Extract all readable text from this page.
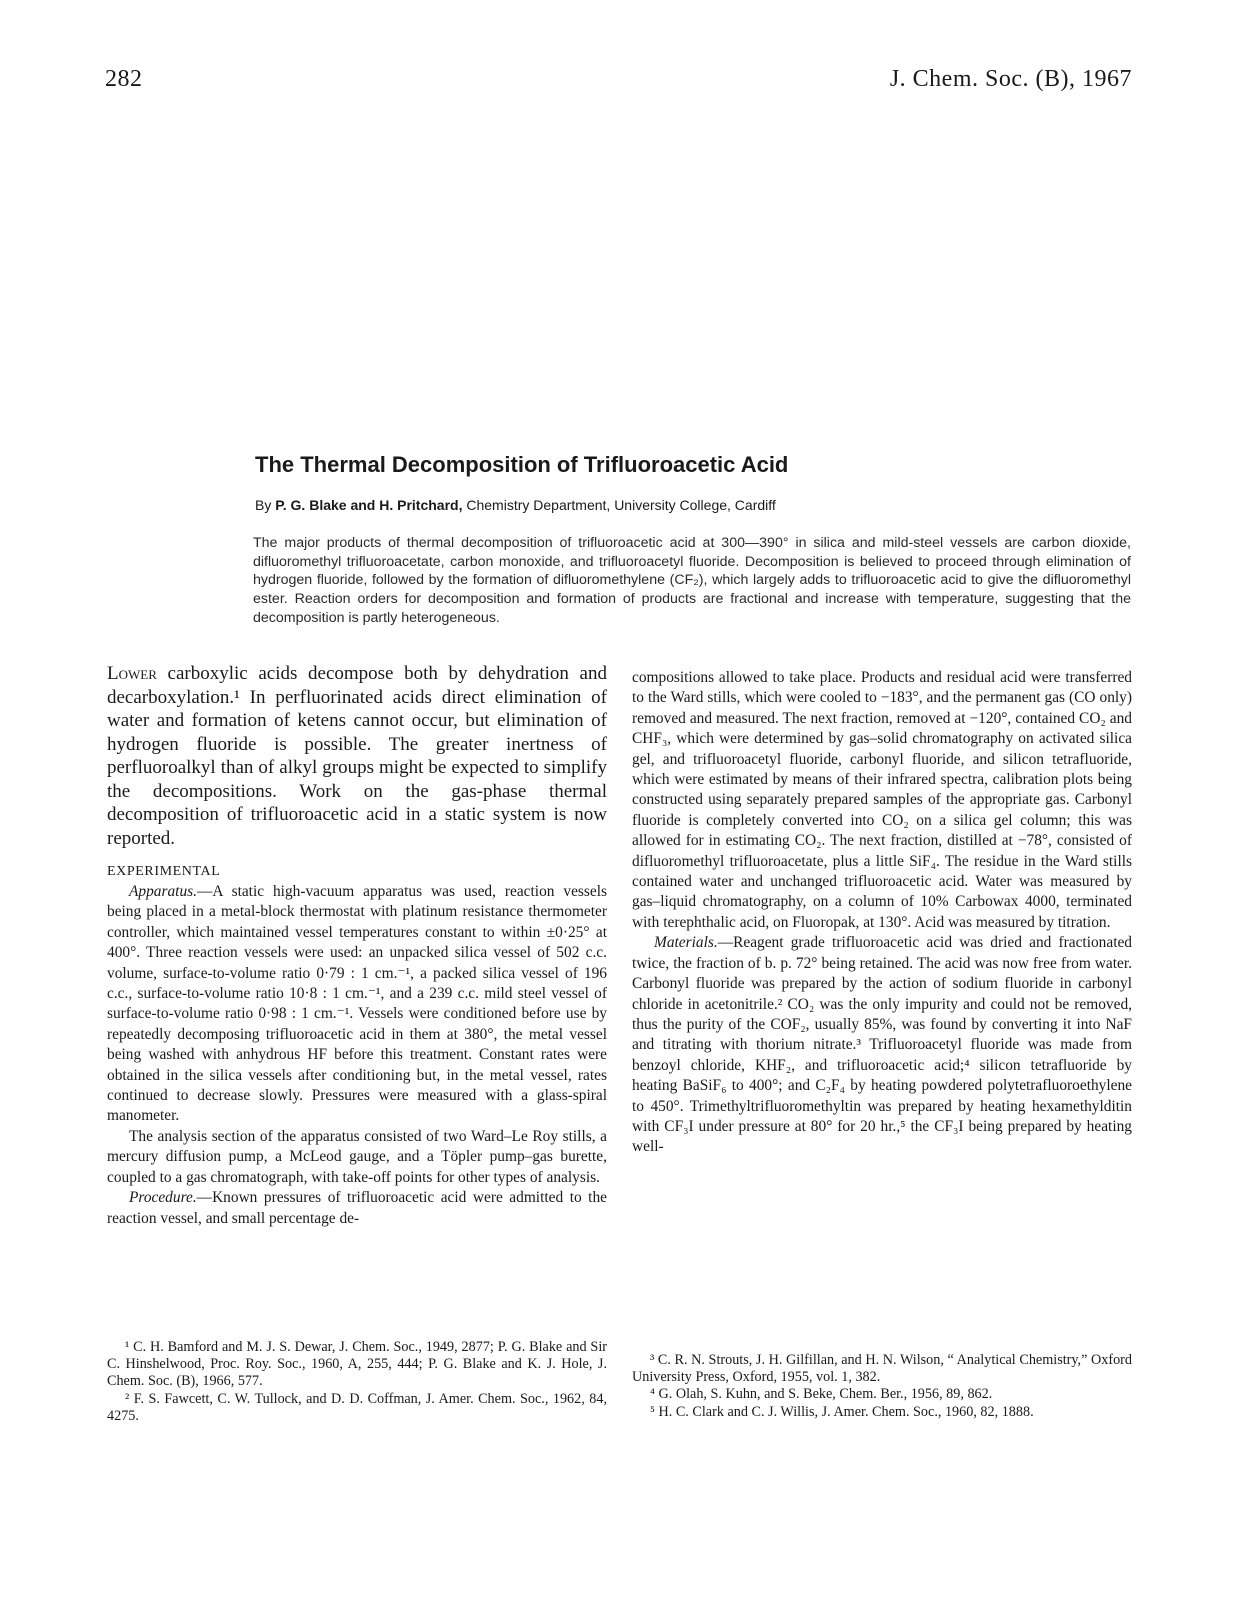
282	J. Chem. Soc. (B), 1967
The Thermal Decomposition of Trifluoroacetic Acid
By P. G. Blake and H. Pritchard, Chemistry Department, University College, Cardiff
The major products of thermal decomposition of trifluoroacetic acid at 300—390° in silica and mild-steel vessels are carbon dioxide, difluoromethyl trifluoroacetate, carbon monoxide, and trifluoroacetyl fluoride. Decomposition is believed to proceed through elimination of hydrogen fluoride, followed by the formation of difluoromethylene (CF₂), which largely adds to trifluoroacetic acid to give the difluoromethyl ester. Reaction orders for decomposition and formation of products are fractional and increase with temperature, suggesting that the decomposition is partly heterogeneous.

Lower carboxylic acids decompose both by dehydration and decarboxylation.¹ In perfluorinated acids direct elimination of water and formation of ketens cannot occur, but elimination of hydrogen fluoride is possible. The greater inertness of perfluoroalkyl than of alkyl groups might be expected to simplify the decompositions. Work on the gas-phase thermal decomposition of trifluoroacetic acid in a static system is now reported.

EXPERIMENTAL

Apparatus.—A static high-vacuum apparatus was used, reaction vessels being placed in a metal-block thermostat with platinum resistance thermometer controller, which maintained vessel temperatures constant to within ±0·25° at 400°. Three reaction vessels were used: an unpacked silica vessel of 502 c.c. volume, surface-to-volume ratio 0·79 : 1 cm.⁻¹, a packed silica vessel of 196 c.c., surface-to-volume ratio 10·8 : 1 cm.⁻¹, and a 239 c.c. mild steel vessel of surface-to-volume ratio 0·98 : 1 cm.⁻¹. Vessels were conditioned before use by repeatedly decomposing trifluoroacetic acid in them at 380°, the metal vessel being washed with anhydrous HF before this treatment. Constant rates were obtained in the silica vessels after conditioning but, in the metal vessel, rates continued to decrease slowly. Pressures were measured with a glass-spiral manometer.

The analysis section of the apparatus consisted of two Ward–Le Roy stills, a mercury diffusion pump, a McLeod gauge, and a Töpler pump–gas burette, coupled to a gas chromatograph, with take-off points for other types of analysis.

Procedure.—Known pressures of trifluoroacetic acid were admitted to the reaction vessel, and small percentage de-

compositions allowed to take place. Products and residual acid were transferred to the Ward stills, which were cooled to −183°, and the permanent gas (CO only) removed and measured. The next fraction, removed at −120°, contained CO₂ and CHF₃, which were determined by gas–solid chromatography on activated silica gel, and trifluoroacetyl fluoride, carbonyl fluoride, and silicon tetrafluoride, which were estimated by means of their infrared spectra, calibration plots being constructed using separately prepared samples of the appropriate gas. Carbonyl fluoride is completely converted into CO₂ on a silica gel column; this was allowed for in estimating CO₂. The next fraction, distilled at −78°, consisted of difluoromethyl trifluoroacetate, plus a little SiF₄. The residue in the Ward stills contained water and unchanged trifluoroacetic acid. Water was measured by gas–liquid chromatography, on a column of 10% Carbowax 4000, terminated with terephthalic acid, on Fluoropak, at 130°. Acid was measured by titration.

Materials.—Reagent grade trifluoroacetic acid was dried and fractionated twice, the fraction of b. p. 72° being retained. The acid was now free from water. Carbonyl fluoride was prepared by the action of sodium fluoride in carbonyl chloride in acetonitrile.² CO₂ was the only impurity and could not be removed, thus the purity of the COF₂, usually 85%, was found by converting it into NaF and titrating with thorium nitrate.³ Trifluoroacetyl fluoride was made from benzoyl chloride, KHF₂, and trifluoroacetic acid;⁴ silicon tetrafluoride by heating BaSiF₆ to 400°; and C₂F₄ by heating powdered polytetrafluoroethylene to 450°. Trimethyltrifluoromethyltin was prepared by heating hexamethylditin with CF₃I under pressure at 80° for 20 hr.,⁵ the CF₃I being prepared by heating well-

¹ C. H. Bamford and M. J. S. Dewar, J. Chem. Soc., 1949, 2877; P. G. Blake and Sir C. Hinshelwood, Proc. Roy. Soc., 1960, A, 255, 444; P. G. Blake and K. J. Hole, J. Chem. Soc. (B), 1966, 577.

² F. S. Fawcett, C. W. Tullock, and D. D. Coffman, J. Amer. Chem. Soc., 1962, 84, 4275.

³ C. R. N. Strouts, J. H. Gilfillan, and H. N. Wilson, “ Analytical Chemistry,” Oxford University Press, Oxford, 1955, vol. 1, 382.

⁴ G. Olah, S. Kuhn, and S. Beke, Chem. Ber., 1956, 89, 862.

⁵ H. C. Clark and C. J. Willis, J. Amer. Chem. Soc., 1960, 82, 1888.
